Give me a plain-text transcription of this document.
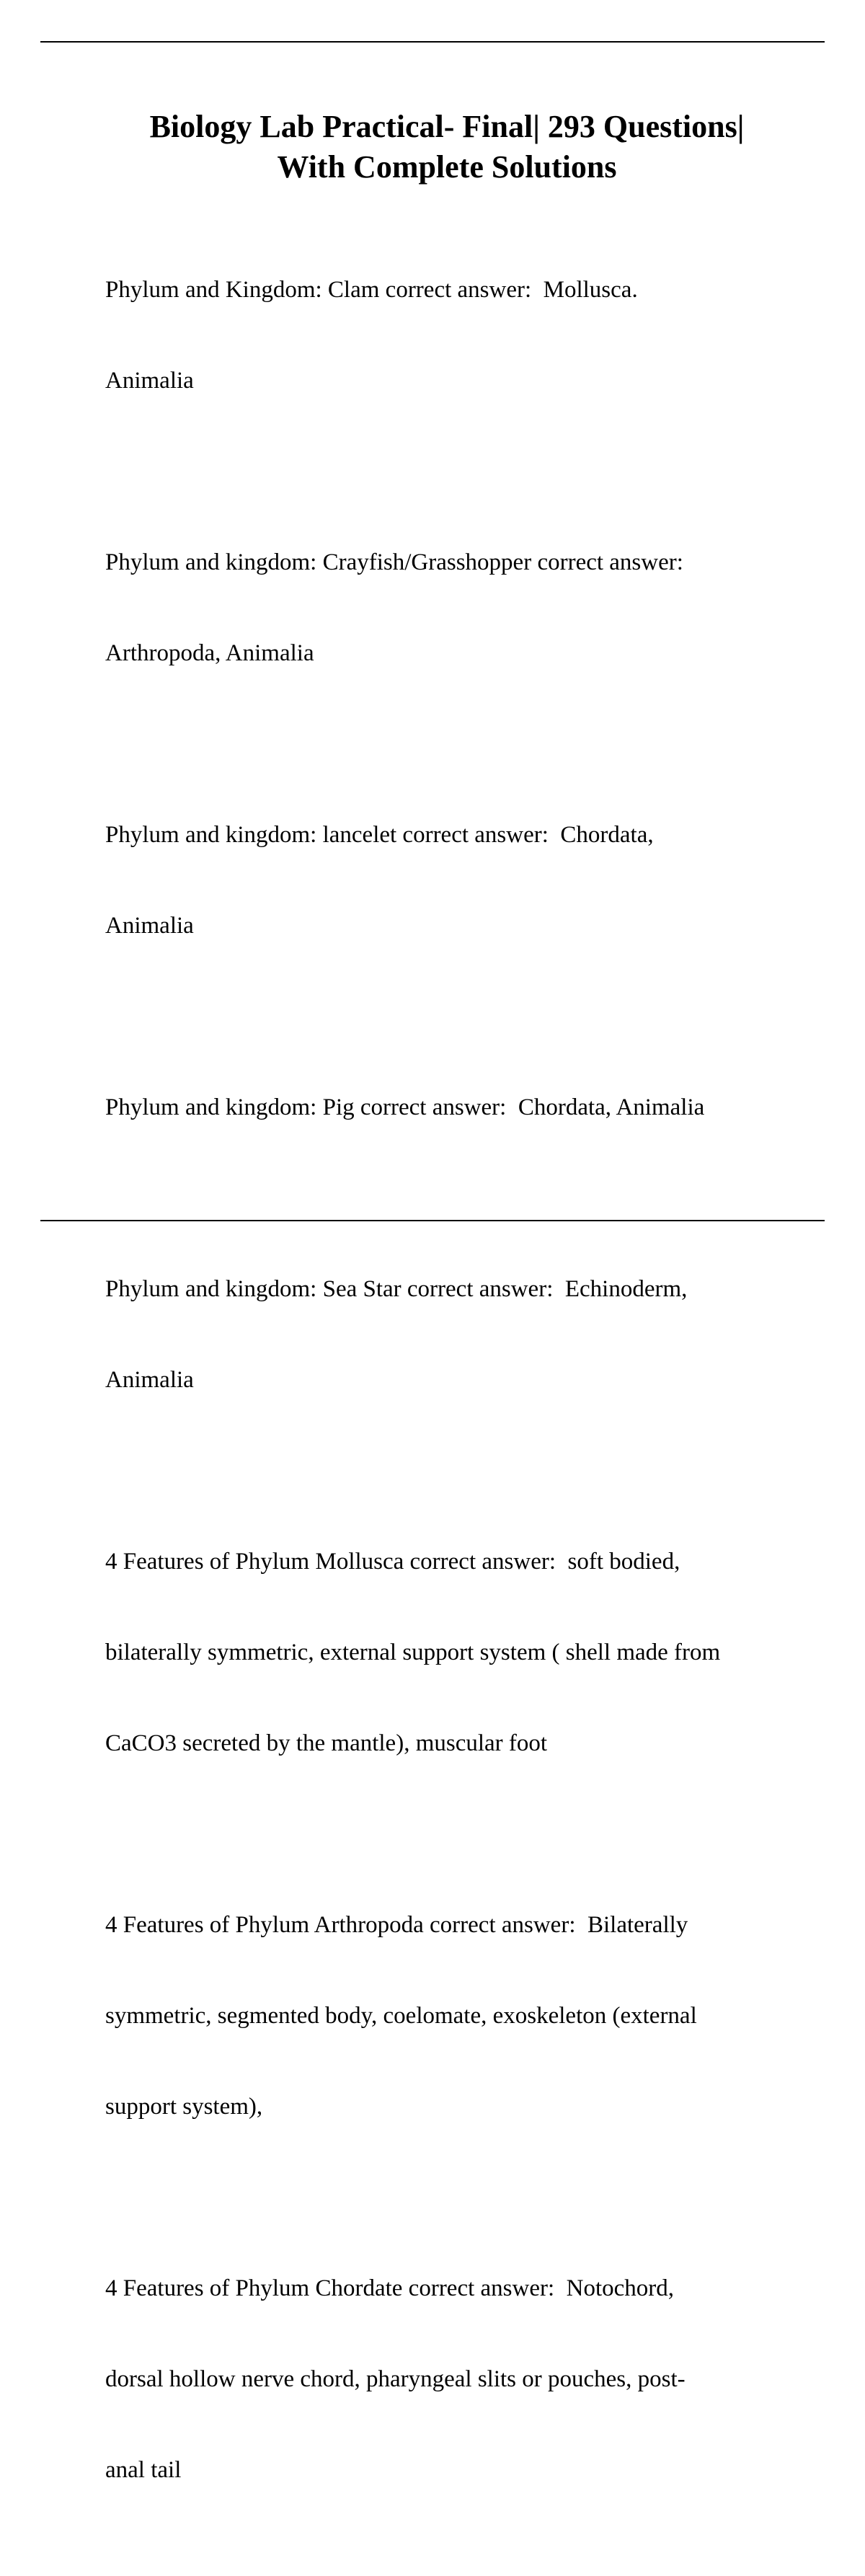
Biology Lab Practical- Final| 293 Questions|
With Complete Solutions

Phylum and Kingdom: Clam correct answer:  Mollusca.

Animalia

Phylum and kingdom: Crayfish/Grasshopper correct answer:

Arthropoda, Animalia

Phylum and kingdom: lancelet correct answer:  Chordata,

Animalia

Phylum and kingdom: Pig correct answer:  Chordata, Animalia

Phylum and kingdom: Sea Star correct answer:  Echinoderm,

Animalia

4 Features of Phylum Mollusca correct answer:  soft bodied,

bilaterally symmetric, external support system ( shell made from

CaCO3 secreted by the mantle), muscular foot

4 Features of Phylum Arthropoda correct answer:  Bilaterally

symmetric, segmented body, coelomate, exoskeleton (external

support system),

4 Features of Phylum Chordate correct answer:  Notochord,

dorsal hollow nerve chord, pharyngeal slits or pouches, post-

anal tail
